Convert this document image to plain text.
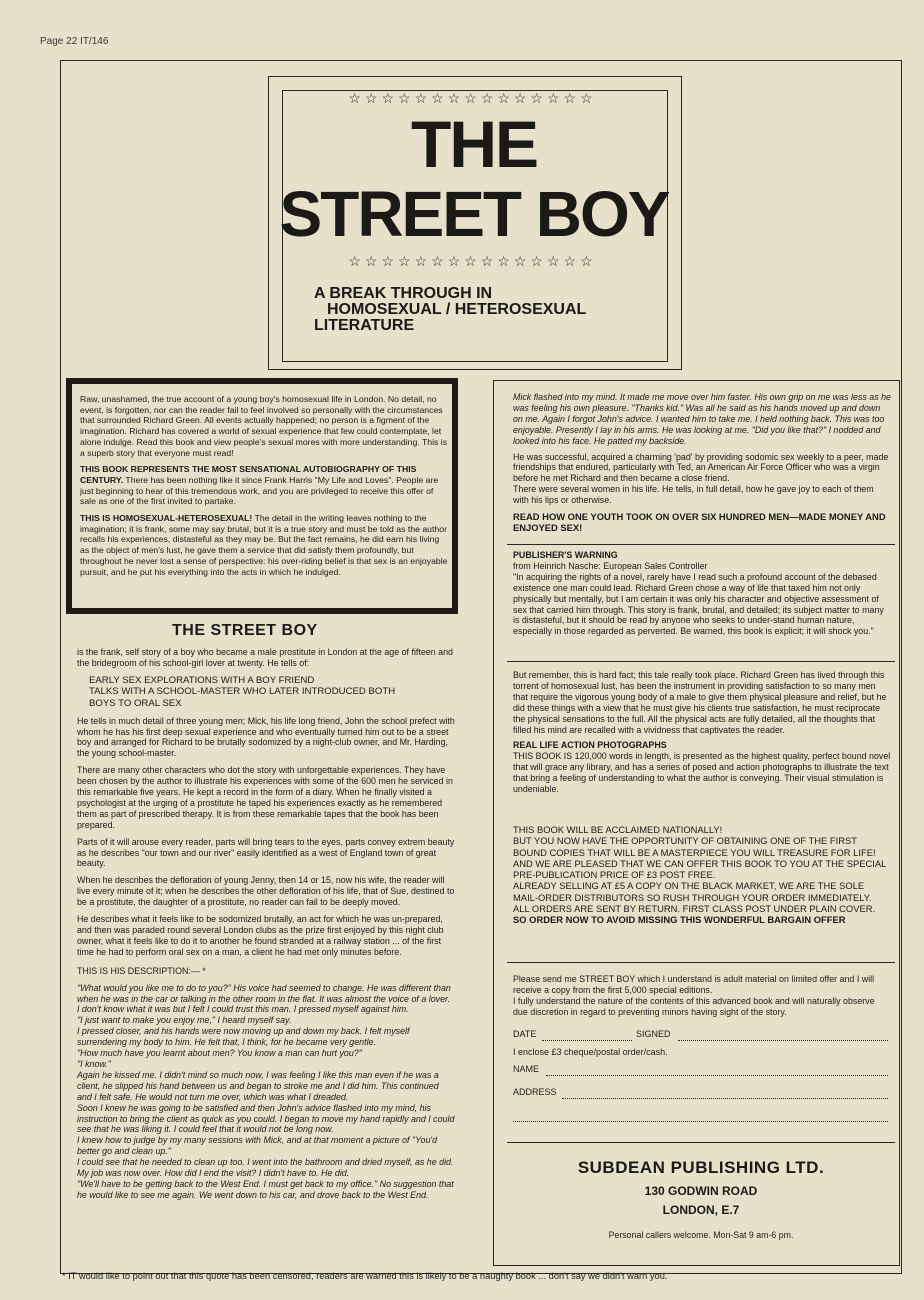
Page 22 IT/146
☆☆☆☆☆☆☆☆☆☆☆☆☆☆☆
THE
STREET BOY
☆☆☆☆☆☆☆☆☆☆☆☆☆☆☆
A BREAK THROUGH IN
HOMOSEXUAL / HETEROSEXUAL
LITERATURE

Raw, unashamed, the true account of a young boy's homosexual life in London. No detail, no event, is forgotten, nor can the reader fail to feel involved so personally with the circumstances that surrounded Richard Green. All events actually happened; no person is a figment of the imagination. Richard has covered a world of sexual experience that few could contemplate, let alone indulge. Read this book and view people's sexual mores with more understanding. This is a superb story that everyone must read!

THIS BOOK REPRESENTS THE MOST SENSATIONAL AUTOBIOGRAPHY OF THIS CENTURY. There has been nothing like it since Frank Harris "My Life and Loves". People are just beginning to hear of this tremendous work, and you are privileged to receive this offer of sale as one of the first invited to partake.

THIS IS HOMOSEXUAL-HETEROSEXUAL! The detail in the writing leaves nothing to the imagination; it is frank, some may say brutal, but it is a true story and must be told as the author recalls his experiences, distasteful as they may be. But the fact remains, he did earn his living as the object of men's lust, he gave them a service that did satisfy them profoundly, but throughout he never lost a sense of perspective: his over-riding belief is that sex is an enjoyable pursuit, and he put his everything into the acts in which he indulged.

THE STREET BOY

is the frank, self story of a boy who became a male prostitute in London at the age of fifteen and the bridegroom of his school-girl lover at twenty. He tells of:

EARLY SEX EXPLORATIONS WITH A BOY FRIEND
TALKS WITH A SCHOOL-MASTER WHO LATER INTRODUCED BOTH
BOYS TO ORAL SEX

He tells in much detail of three young men; Mick, his life long friend, John the school prefect with whom he has his first deep sexual experience and who eventually turned him out to be a street boy and arranged for Richard to be brutally sodomized by a night-club owner, and Mr. Harding, the young school-master.

There are many other characters who dot the story with unforgettable experiences. They have been chosen by the author to illustrate his experiences with some of the 600 men he serviced in this remarkable five years. He kept a record in the form of a diary. When he finally visited a psychologist at the urging of a prostitute he taped his experiences exactly as he remembered them as part of prescribed therapy. It is from these remarkable tapes that the book has been prepared.

Parts of it will arouse every reader, parts will bring tears to the eyes, parts convey extrem beauty as he describes "our town and our river" easily identified as a west of England town of great beauty.

When he describes the defloration of young Jenny, then 14 or 15, now his wife, the reader will live every minute of it; when he describes the other defloration of his life, that of Sue, destined to be a prostitute, the daughter of a prostitute, no reader can fail to be deeply moved.

He describes what it feels like to be sodomized brutally, an act for which he was un-prepared, and then was paraded round several London clubs as the prize first enjoyed by this night club owner, what it feels like to do it to another he found stranded at a railway station ... of the first time he had to perform oral sex on a man, a client he had met only minutes before.

THIS IS HIS DESCRIPTION:— *

"What would you like me to do to you?" His voice had seemed to change. He was different than when he was in the car or talking in the other room in the flat. It was almost the voice of a lover. I don't know what it was but I felt I could trust this man. I pressed myself against him.
"I just want to make you enjoy me," I heard myself say.
I pressed closer, and his hands were now moving up and down my back. I felt myself surrendering my body to him. He felt that, I think, for he became very gentle.
"How much have you learnt about men? You know a man can hurt you?"
"I know."
Again he kissed me. I didn't mind so much now, I was feeling I like this man even if he was a client, he slipped his hand between us and began to stroke me and I did him. This continued and I felt safe. He would not turn me over, which was what I dreaded.
Soon I knew he was going to be satisfied and then John's advice flashed into my mind, his instruction to bring the client as quick as you could. I began to move my hand rapidly and I could see that he was liking it. I could feel that it would not be long now.
I knew how to judge by my many sessions with Mick, and at that moment a picture of "You'd better go and clean up."
I could see that he needed to clean up too. I went into the bathroom and dried myself, as he did. My job was now over. How did I end the visit? I didn't have to. He did.
"We'll have to be getting back to the West End. I must get back to my office." No suggestion that he would like to see me again. We went down to his car, and drove back to the West End.

Mick flashed into my mind. It made me move over him faster. His own grip on me was less as he was feeling his own pleasure. "Thanks kid." Was all he said as his hands moved up and down on me. Again I forgot John's advice. I wanted him to take me. I held nothing back. This was too enjoyable. Presently I lay in his arms. He was looking at me. "Did you like that?" I nodded and looked into his face. He patted my backside.

He was successful, acquired a charming 'pad' by providing sodomic sex weekly to a peer, made friendships that endured, particularly with Ted, an American Air Force Officer who was a virgin before he met Richard and then became a close friend.

There were several women in his life. He tells, in full detail, how he gave joy to each of them with his lips or otherwise.

READ HOW ONE YOUTH TOOK ON OVER SIX HUNDRED MEN—MADE MONEY AND ENJOYED SEX!

PUBLISHER'S WARNING
from Heinrich Nasche: European Sales Controller
"In acquiring the rights of a novel, rarely have I read such a profound account of the debased existence one man could lead. Richard Green chose a way of life that taxed him not only physically but mentally, but I am certain it was only his character and objective assessment of sex that carried him through. This story is frank, brutal, and detailed; its subject matter to many is distasteful, but it should be read by anyone who seeks to under-stand human nature, especially in those regarded as perverted. Be warned, this book is explicit; it will shock you."

But remember, this is hard fact; this tale really took place. Richard Green has lived through this torrent of homosexual lust, has been the instrument in providing satisfaction to so many men that require the vigorous young body of a male to give them physical pleasure and relief, but he did these things with a view that he must give his clients true satisfaction, he must reciprocate the physical sensations to the full. All the physical acts are fully detailed, all the thoughts that filled his mind are recalled with a vividness that captivates the reader.

REAL LIFE ACTION PHOTOGRAPHS

THIS BOOK IS 120,000 words in length, is presented as the highest quality, perfect bound novel that will grace any library, and has a series of posed and action photographs to illustrate the text that bring a feeling of understanding to what the author is conveying. Their visual stimulation is undeniable.

THIS BOOK WILL BE ACCLAIMED NATIONALLY!
BUT YOU NOW HAVE THE OPPORTUNITY OF OBTAINING ONE OF THE FIRST BOUND COPIES THAT WILL BE A MASTERPIECE YOU WILL TREASURE FOR LIFE!
AND WE ARE PLEASED THAT WE CAN OFFER THIS BOOK TO YOU AT THE SPECIAL PRE-PUBLICATION PRICE OF £3 POST FREE.
ALREADY SELLING AT £5 A COPY ON THE BLACK MARKET, WE ARE THE SOLE MAIL-ORDER DISTRIBUTORS SO RUSH THROUGH YOUR ORDER IMMEDIATELY.
ALL ORDERS ARE SENT BY RETURN. FIRST CLASS POST UNDER PLAIN COVER.
SO ORDER NOW TO AVOID MISSING THIS WONDERFUL BARGAIN OFFER
Please send me STREET BOY which I understand is adult material on limited offer and I will receive a copy from the first 5,000 special editions.
I fully understand the nature of the contents of this advanced book and will naturally observe due discretion in regard to preventing minors having sight of the story.
DATE	SIGNED
I enclose £3 cheque/postal order/cash.
NAME
ADDRESS
SUBDEAN PUBLISHING LTD.
130 GODWIN ROAD
LONDON, E.7
Personal callers welcome. Mon-Sat 9 am-6 pm.
* IT would like to point out that this quote has been censored, readers are warned this is likely to be a naughty book ... don't say we didn't warn you.
